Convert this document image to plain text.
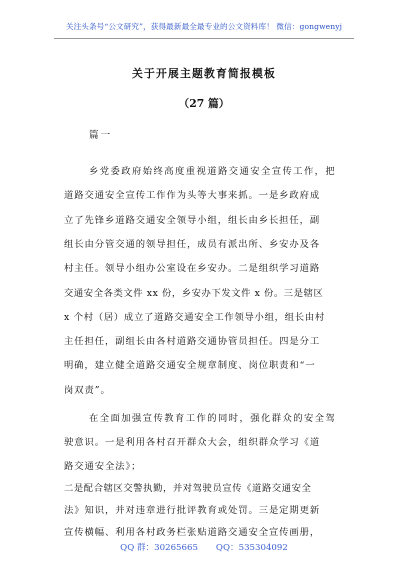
关注头条号“公文研究”，获得最新最全最专业的公文资料库！ 微信：gongwenyj
关于开展主题教育简报模板
（27 篇）
篇一
乡党委政府始终高度重视道路交通安全宣传工作，把
道路交通安全宣传工作作为头等大事来抓。一是乡政府成
立了先锋乡道路交通安全领导小组，组长由乡长担任，副
组长由分管交通的领导担任，成员有派出所、乡安办及各
村主任。领导小组办公室设在乡安办。二是组织学习道路
交通安全各类文件 xx 份，乡安办下发文件 x 份。三是辖区
x 个村（居）成立了道路交通安全工作领导小组，组长由村
主任担任，副组长由各村道路交通协管员担任。四是分工
明确，建立健全道路交通安全规章制度、岗位职责和“一
岗双责”。
在全面加强宣传教育工作的同时，强化群众的安全驾
驶意识。一是利用各村召开群众大会，组织群众学习《道
路交通安全法》；
二是配合辖区交警执勤，并对驾驶员宣传《道路交通安全
法》知识，并对违章进行批评教育或处罚。三是定期更新
宣传横幅、利用各村政务栏张贴道路交通安全宣传画册，
QQ 群：30265665 QQ：535304092
